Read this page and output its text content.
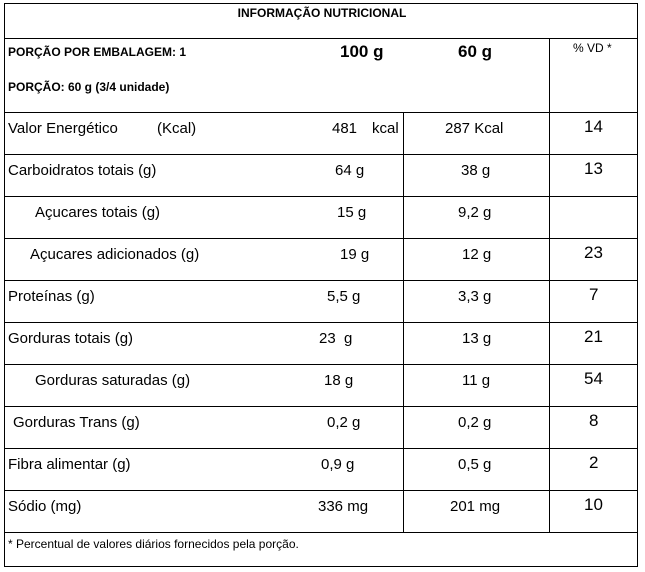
INFORMAÇÃO NUTRICIONAL
PORÇÃO POR EMBALAGEM: 1	100 g	60 g	% VD *
PORÇÃO: 60 g (3/4 unidade)
Valor Energético	(Kcal)	481 kcal	287 Kcal	14
Carboidratos totais (g)	64 g	38 g	13
Açucares totais (g)	15 g	9,2 g
Açucares adicionados (g)	19 g	12 g	23
Proteínas (g)	5,5 g	3,3 g	7
Gorduras totais (g)	23  g	13 g	21
Gorduras saturadas (g)	18 g	11 g	54
Gorduras Trans (g)	0,2 g	0,2 g	8
Fibra alimentar (g)	0,9 g	0,5 g	2
Sódio (mg)	336 mg	201 mg	10
* Percentual de valores diários fornecidos pela porção.
